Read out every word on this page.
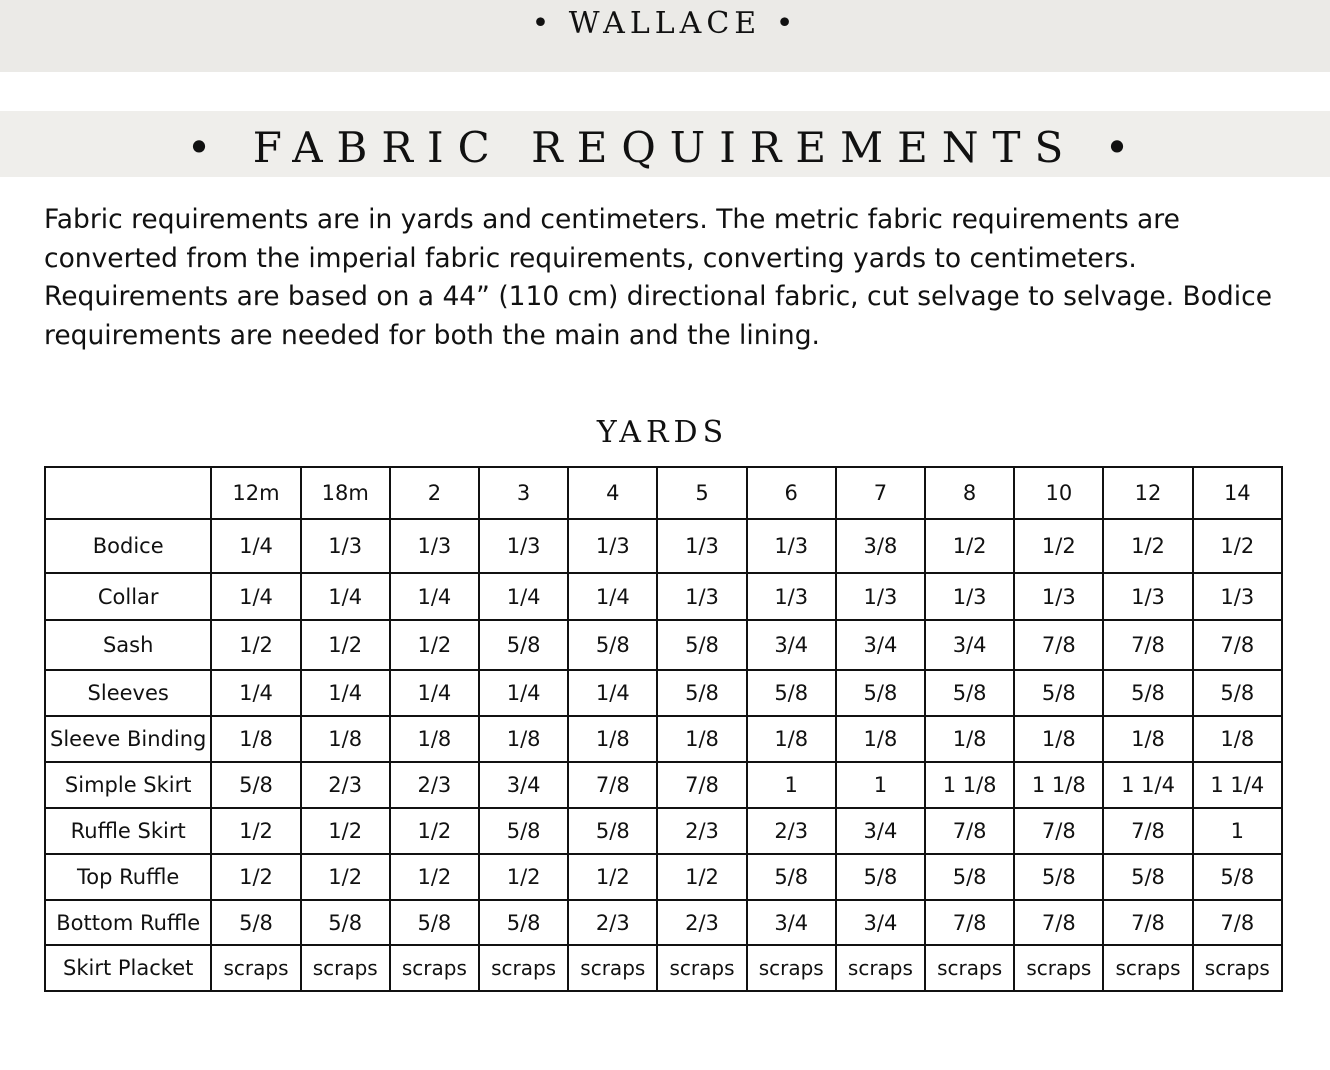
• WALLACE •
• FABRIC REQUIREMENTS •

Fabric requirements are in yards and centimeters. The metric fabric requirements are converted from the imperial fabric requirements, converting yards to centimeters. Requirements are based on a 44” (110 cm) directional fabric, cut selvage to selvage. Bodice requirements are needed for both the main and the lining.

YARDS
	12m	18m	2	3	4	5	6	7	8	10	12	14
Bodice	1/4	1/3	1/3	1/3	1/3	1/3	1/3	3/8	1/2	1/2	1/2	1/2
Collar	1/4	1/4	1/4	1/4	1/4	1/3	1/3	1/3	1/3	1/3	1/3	1/3
Sash	1/2	1/2	1/2	5/8	5/8	5/8	3/4	3/4	3/4	7/8	7/8	7/8
Sleeves	1/4	1/4	1/4	1/4	1/4	5/8	5/8	5/8	5/8	5/8	5/8	5/8
Sleeve Binding	1/8	1/8	1/8	1/8	1/8	1/8	1/8	1/8	1/8	1/8	1/8	1/8
Simple Skirt	5/8	2/3	2/3	3/4	7/8	7/8	1	1	1 1/8	1 1/8	1 1/4	1 1/4
Ruffle Skirt	1/2	1/2	1/2	5/8	5/8	2/3	2/3	3/4	7/8	7/8	7/8	1
Top Ruffle	1/2	1/2	1/2	1/2	1/2	1/2	5/8	5/8	5/8	5/8	5/8	5/8
Bottom Ruffle	5/8	5/8	5/8	5/8	2/3	2/3	3/4	3/4	7/8	7/8	7/8	7/8
Skirt Placket	scraps	scraps	scraps	scraps	scraps	scraps	scraps	scraps	scraps	scraps	scraps	scraps
